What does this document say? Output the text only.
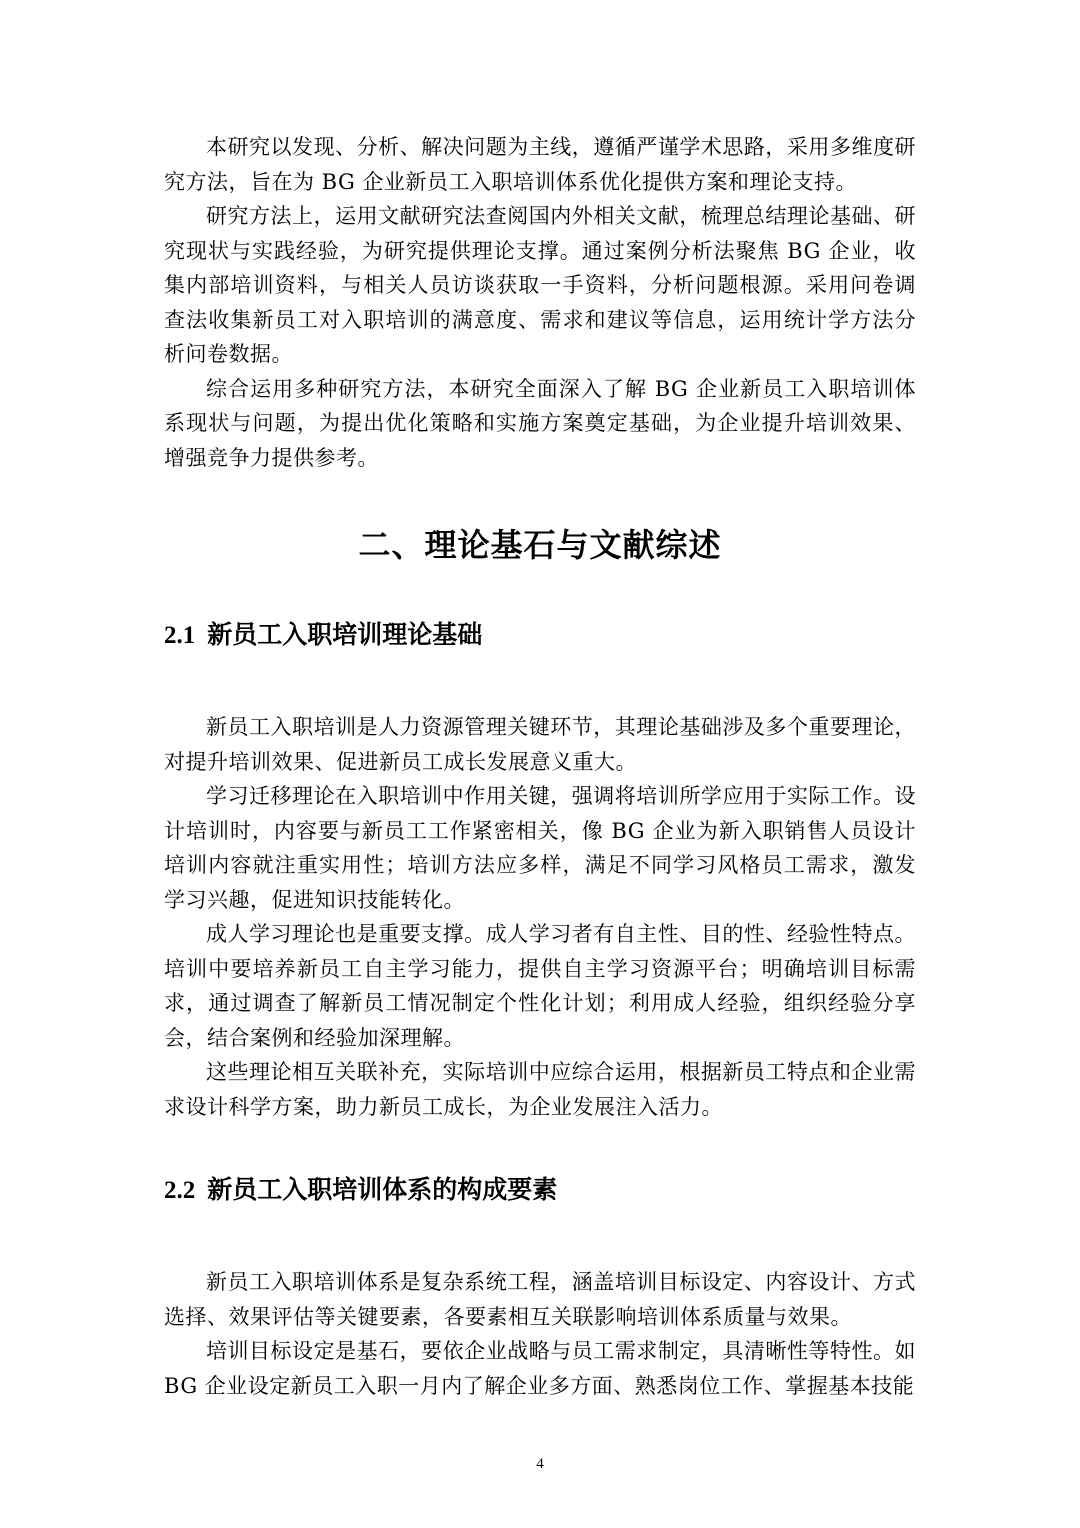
本研究以发现、分析、解决问题为主线，遵循严谨学术思路，采用多维度研究方法，旨在为 BG 企业新员工入职培训体系优化提供方案和理论支持。

研究方法上，运用文献研究法查阅国内外相关文献，梳理总结理论基础、研究现状与实践经验，为研究提供理论支撑。通过案例分析法聚焦 BG 企业，收集内部培训资料，与相关人员访谈获取一手资料，分析问题根源。采用问卷调查法收集新员工对入职培训的满意度、需求和建议等信息，运用统计学方法分析问卷数据。

综合运用多种研究方法，本研究全面深入了解 BG 企业新员工入职培训体系现状与问题，为提出优化策略和实施方案奠定基础，为企业提升培训效果、增强竞争力提供参考。

二、理论基石与文献综述
2.1 新员工入职培训理论基础

新员工入职培训是人力资源管理关键环节，其理论基础涉及多个重要理论，对提升培训效果、促进新员工成长发展意义重大。

学习迁移理论在入职培训中作用关键，强调将培训所学应用于实际工作。设计培训时，内容要与新员工工作紧密相关，像 BG 企业为新入职销售人员设计培训内容就注重实用性；培训方法应多样，满足不同学习风格员工需求，激发学习兴趣，促进知识技能转化。

成人学习理论也是重要支撑。成人学习者有自主性、目的性、经验性特点。培训中要培养新员工自主学习能力，提供自主学习资源平台；明确培训目标需求，通过调查了解新员工情况制定个性化计划；利用成人经验，组织经验分享会，结合案例和经验加深理解。

这些理论相互关联补充，实际培训中应综合运用，根据新员工特点和企业需求设计科学方案，助力新员工成长，为企业发展注入活力。

2.2 新员工入职培训体系的构成要素

新员工入职培训体系是复杂系统工程，涵盖培训目标设定、内容设计、方式选择、效果评估等关键要素，各要素相互关联影响培训体系质量与效果。

培训目标设定是基石，要依企业战略与员工需求制定，具清晰性等特性。如 BG 企业设定新员工入职一月内了解企业多方面、熟悉岗位工作、掌握基本技能

4
